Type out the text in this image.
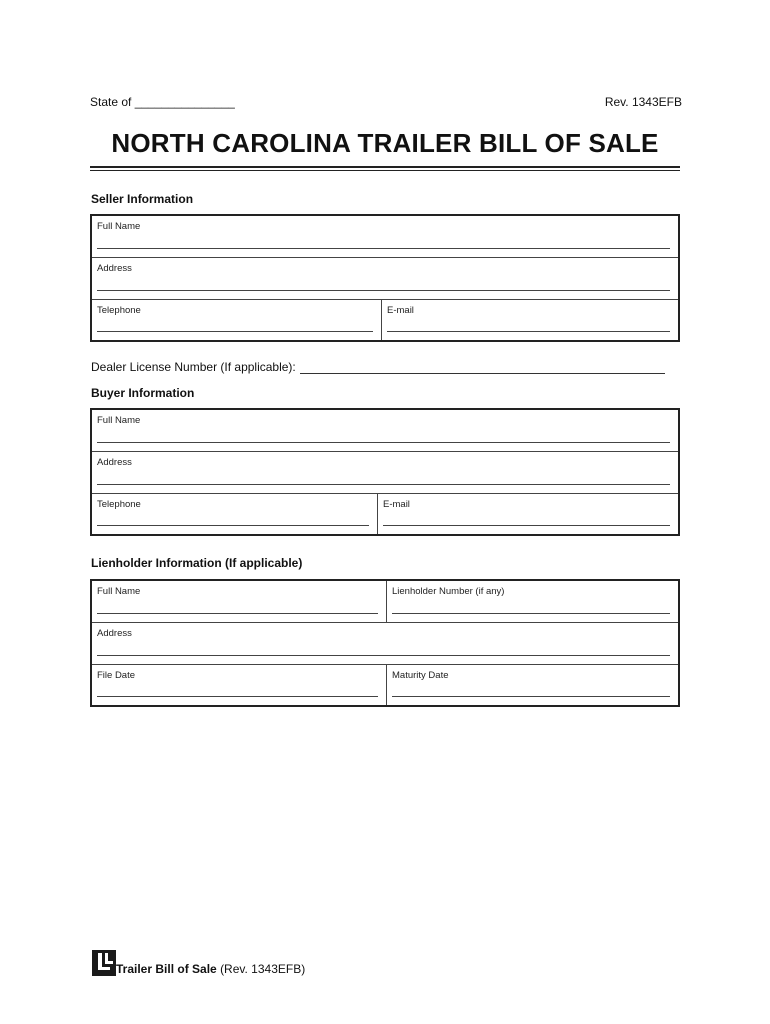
State of _______________	Rev. 1343EFB
NORTH CAROLINA TRAILER BILL OF SALE
Seller Information
Full Name
Address
Telephone	E-mail
Dealer License Number (If applicable):
Buyer Information
Full Name
Address
Telephone	E-mail
Lienholder Information (If applicable)
Full Name	Lienholder Number (if any)
Address
File Date	Maturity Date
Trailer Bill of Sale (Rev. 1343EFB)
